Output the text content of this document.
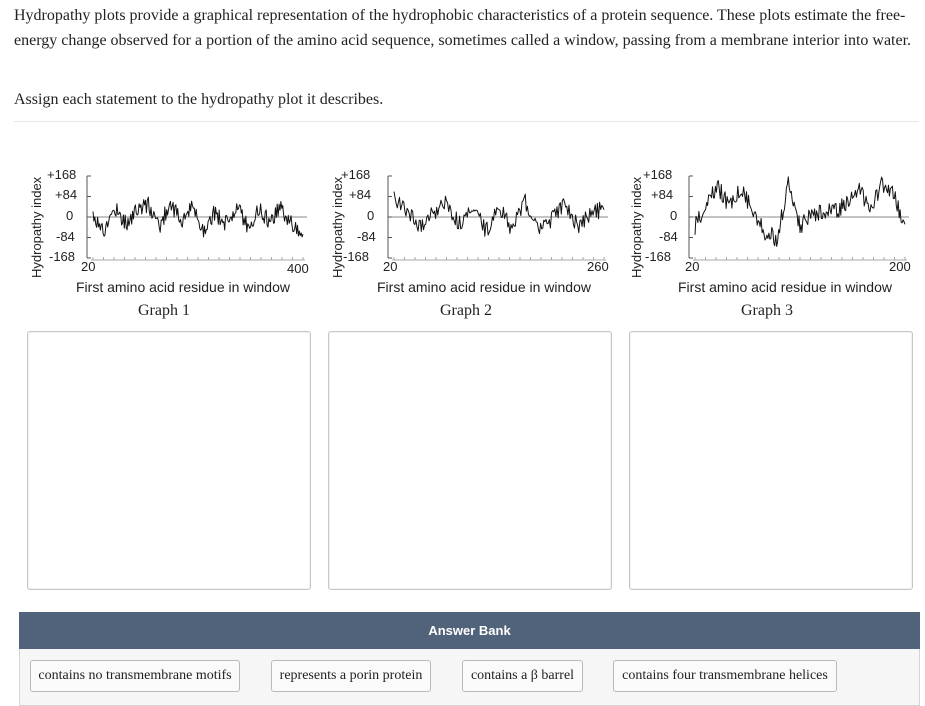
Hydropathy plots provide a graphical representation of the hydrophobic characteristics of a protein sequence. These plots estimate the free-energy change observed for a portion of the amino acid sequence, sometimes called a window, passing from a membrane interior into water.

Assign each statement to the hydropathy plot it describes.

Hydropathy index
+168
+84
0
-84
-168
20	400
First amino acid residue in window
Graph 1
Hydropathy index
+168
+84
0
-84
-168
20	260
First amino acid residue in window
Graph 2
Hydropathy index
+168
+84
0
-84
-168
20	200
First amino acid residue in window
Graph 3
Answer Bank
contains no transmembrane motifs	represents a porin protein	contains a β barrel	contains four transmembrane helices
